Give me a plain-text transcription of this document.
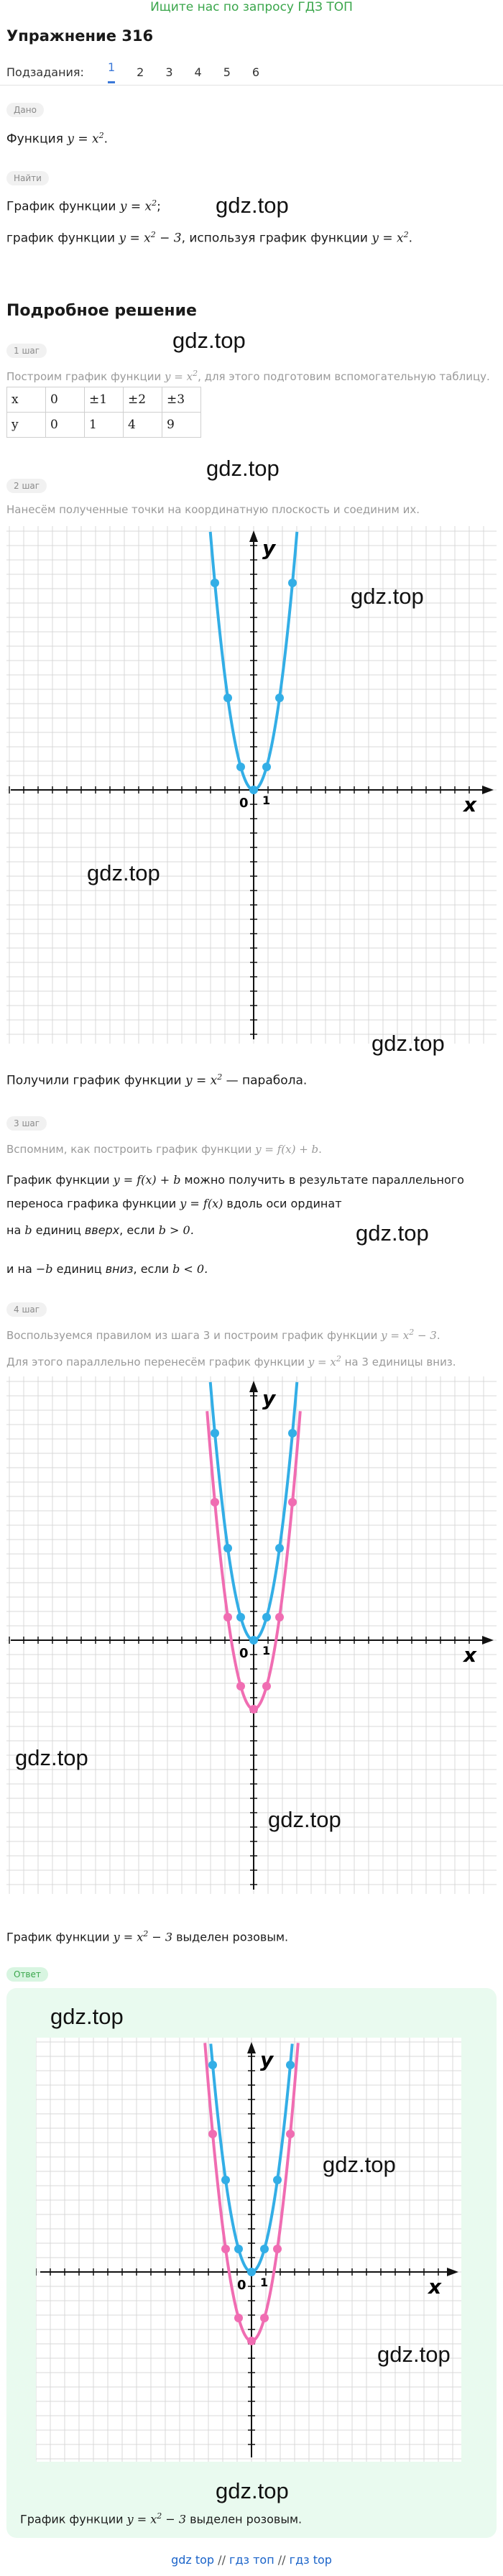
Ищите нас по запросу ГДЗ ТОП
Упражнение 316
Подзадания: 1 2 3 4 5 6
Дано
Функция $y = x^2$.
Найти
График функции $y = x^2$;
график функции $y = x^2 - 3$, используя график функции $y = x^2$.
Подробное решение
1 шаг
Построим график функции $y = x^2$, для этого подготовим вспомогательную таблицу.
x	0	±1	±2	±3
y	0	1	4	9
2 шаг
Нанесём полученные точки на координатную плоскость и соединим их.
x
y
0 1
Получили график функции $y = x^2$ — парабола.
3 шаг
Вспомним, как построить график функции y = f(x) + b.
График функции y = f(x) + b можно получить в результате параллельного
переноса графика функции y = f(x) вдоль оси ординат
на b единиц вверх, если b > 0.
и на −b единиц вниз, если b < 0.
4 шаг
Воспользуемся правилом из шага 3 и построим график функции $y = x^2 - 3$.
Для этого параллельно перенесём график функции $y = x^2$ на 3 единицы вниз.
x
y
0 1
График функции $y = x^2 - 3$ выделен розовым.
Ответ
x
y
0 1
График функции $y = x^2 - 3$ выделен розовым.
gdz.top
gdz.top
gdz.top
gdz.top
gdz.top
gdz.top
gdz.top
gdz.top
gdz.top
gdz.top
gdz.top
gdz.top
gdz.top
gdz top // гдз топ // гдз top
